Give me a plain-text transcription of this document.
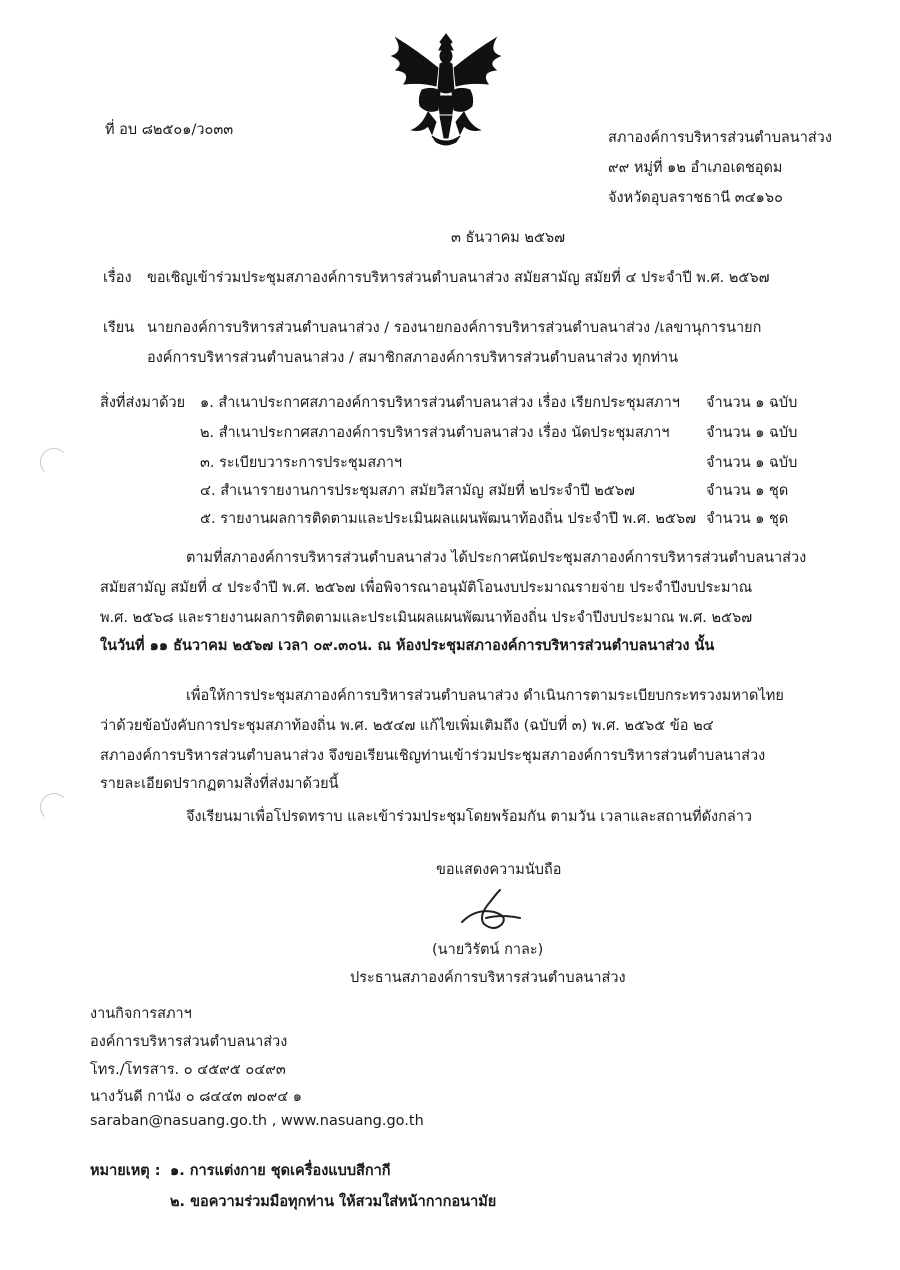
ที่ อบ ๘๒๕๐๑/ว๐๓๓	สภาองค์การบริหารส่วนตำบลนาส่วง
๙๙ หมู่ที่ ๑๒ อำเภอเดชอุดม
จังหวัดอุบลราชธานี ๓๔๑๖๐
๓ ธันวาคม ๒๕๖๗
เรื่อง ขอเชิญเข้าร่วมประชุมสภาองค์การบริหารส่วนตำบลนาส่วง สมัยสามัญ สมัยที่ ๔ ประจำปี พ.ศ. ๒๕๖๗
เรียน นายกองค์การบริหารส่วนตำบลนาส่วง / รองนายกองค์การบริหารส่วนตำบลนาส่วง /เลขานุการนายก
องค์การบริหารส่วนตำบลนาส่วง / สมาชิกสภาองค์การบริหารส่วนตำบลนาส่วง ทุกท่าน
สิ่งที่ส่งมาด้วย ๑. สำเนาประกาศสภาองค์การบริหารส่วนตำบลนาส่วง เรื่อง เรียกประชุมสภาฯ จำนวน ๑ ฉบับ
๒. สำเนาประกาศสภาองค์การบริหารส่วนตำบลนาส่วง เรื่อง นัดประชุมสภาฯ	จำนวน ๑ ฉบับ
๓. ระเบียบวาระการประชุมสภาฯ	จำนวน ๑ ฉบับ
๔. สำเนารายงานการประชุมสภา สมัยวิสามัญ สมัยที่ ๒ประจำปี ๒๕๖๗	จำนวน ๑ ชุด
๕. รายงานผลการติดตามและประเมินผลแผนพัฒนาท้องถิ่น ประจำปี พ.ศ. ๒๕๖๗ จำนวน ๑ ชุด
ตามที่สภาองค์การบริหารส่วนตำบลนาส่วง ได้ประกาศนัดประชุมสภาองค์การบริหารส่วนตำบลนาส่วง
สมัยสามัญ สมัยที่ ๔ ประจำปี พ.ศ. ๒๕๖๗ เพื่อพิจารณาอนุมัติโอนงบประมาณรายจ่าย ประจำปีงบประมาณ
พ.ศ. ๒๕๖๘ และรายงานผลการติดตามและประเมินผลแผนพัฒนาท้องถิ่น ประจำปีงบประมาณ พ.ศ. ๒๕๖๗
ในวันที่ ๑๑ ธันวาคม ๒๕๖๗ เวลา ๐๙.๓๐น. ณ ห้องประชุมสภาองค์การบริหารส่วนตำบลนาส่วง นั้น
เพื่อให้การประชุมสภาองค์การบริหารส่วนตำบลนาส่วง ดำเนินการตามระเบียบกระทรวงมหาดไทย
ว่าด้วยข้อบังคับการประชุมสภาท้องถิ่น พ.ศ. ๒๕๔๗ แก้ไขเพิ่มเติมถึง (ฉบับที่ ๓) พ.ศ. ๒๕๖๕ ข้อ ๒๔
สภาองค์การบริหารส่วนตำบลนาส่วง จึงขอเรียนเชิญท่านเข้าร่วมประชุมสภาองค์การบริหารส่วนตำบลนาส่วง
รายละเอียดปรากฏตามสิ่งที่ส่งมาด้วยนี้
จึงเรียนมาเพื่อโปรดทราบ และเข้าร่วมประชุมโดยพร้อมกัน ตามวัน เวลาและสถานที่ดังกล่าว
ขอแสดงความนับถือ
(นายวิรัตน์ กาละ)
ประธานสภาองค์การบริหารส่วนตำบลนาส่วง
งานกิจการสภาฯ
องค์การบริหารส่วนตำบลนาส่วง
โทร./โทรสาร. ๐ ๔๕๙๕ ๐๔๙๓
นางวันดี กานัง ๐ ๘๔๔๓ ๗๐๙๔ ๑
saraban@nasuang.go.th , www.nasuang.go.th
หมายเหตุ : ๑. การแต่งกาย ชุดเครื่องแบบสีกากี
๒. ขอความร่วมมือทุกท่าน ให้สวมใส่หน้ากากอนามัย
